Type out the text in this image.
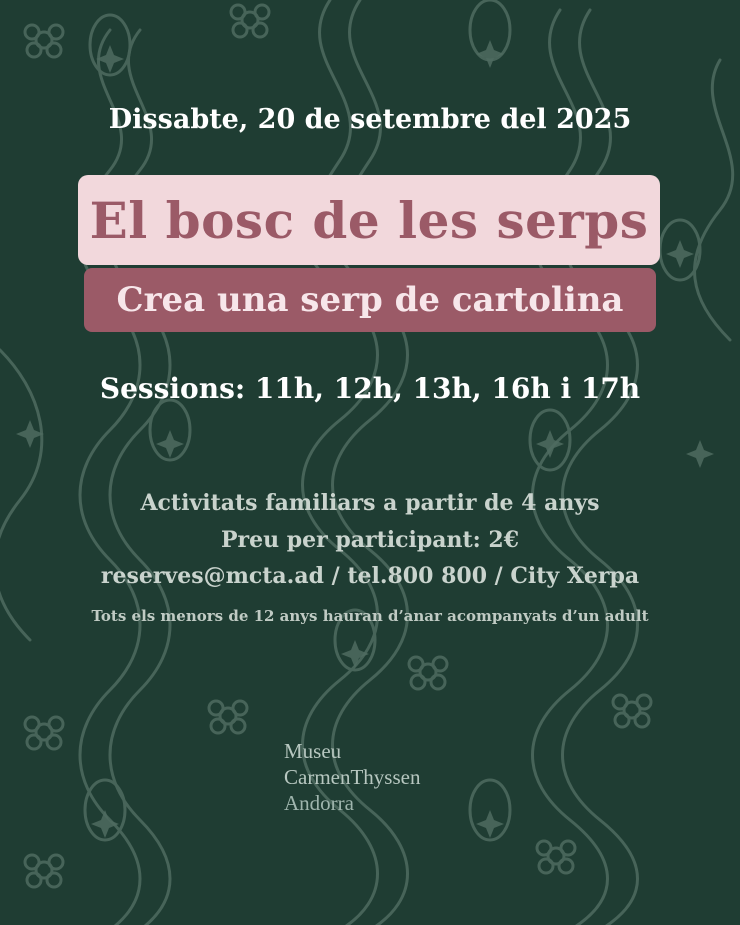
Dissabte, 20 de setembre del 2025
El bosc de les serps
Crea una serp de cartolina
Sessions: 11h, 12h, 13h, 16h i 17h
Activitats familiars a partir de 4 anys
Preu per participant: 2€
reserves@mcta.ad / tel.800 800 / City Xerpa
Tots els menors de 12 anys hauran d’anar acompanyats d’un adult
Museu
CarmenThyssen
Andorra
